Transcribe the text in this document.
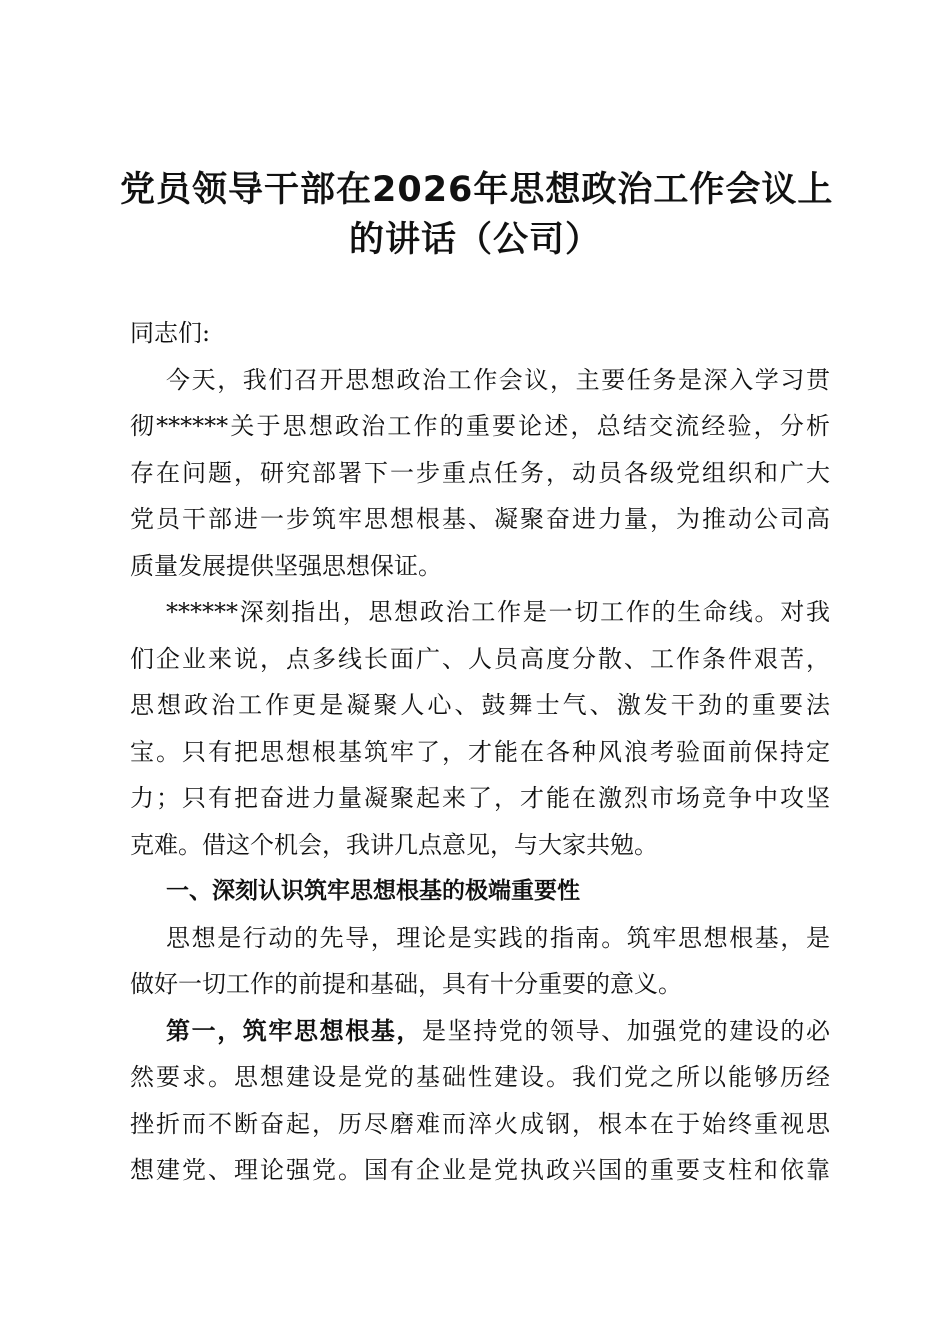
党员领导干部在2026年思想政治工作会议上
的讲话（公司）
同志们:
今天，我们召开思想政治工作会议，主要任务是深入学习贯
彻******关于思想政治工作的重要论述，总结交流经验，分析
存在问题，研究部署下一步重点任务，动员各级党组织和广大
党员干部进一步筑牢思想根基、凝聚奋进力量，为推动公司高
质量发展提供坚强思想保证。
******深刻指出，思想政治工作是一切工作的生命线。对我
们企业来说，点多线长面广、人员高度分散、工作条件艰苦，
思想政治工作更是凝聚人心、鼓舞士气、激发干劲的重要法
宝。只有把思想根基筑牢了，才能在各种风浪考验面前保持定
力；只有把奋进力量凝聚起来了，才能在激烈市场竞争中攻坚
克难。借这个机会，我讲几点意见，与大家共勉。
一、深刻认识筑牢思想根基的极端重要性
思想是行动的先导，理论是实践的指南。筑牢思想根基，是
做好一切工作的前提和基础，具有十分重要的意义。
第一，筑牢思想根基，是坚持党的领导、加强党的建设的必
然要求。思想建设是党的基础性建设。我们党之所以能够历经
挫折而不断奋起，历尽磨难而淬火成钢，根本在于始终重视思
想建党、理论强党。国有企业是党执政兴国的重要支柱和依靠
